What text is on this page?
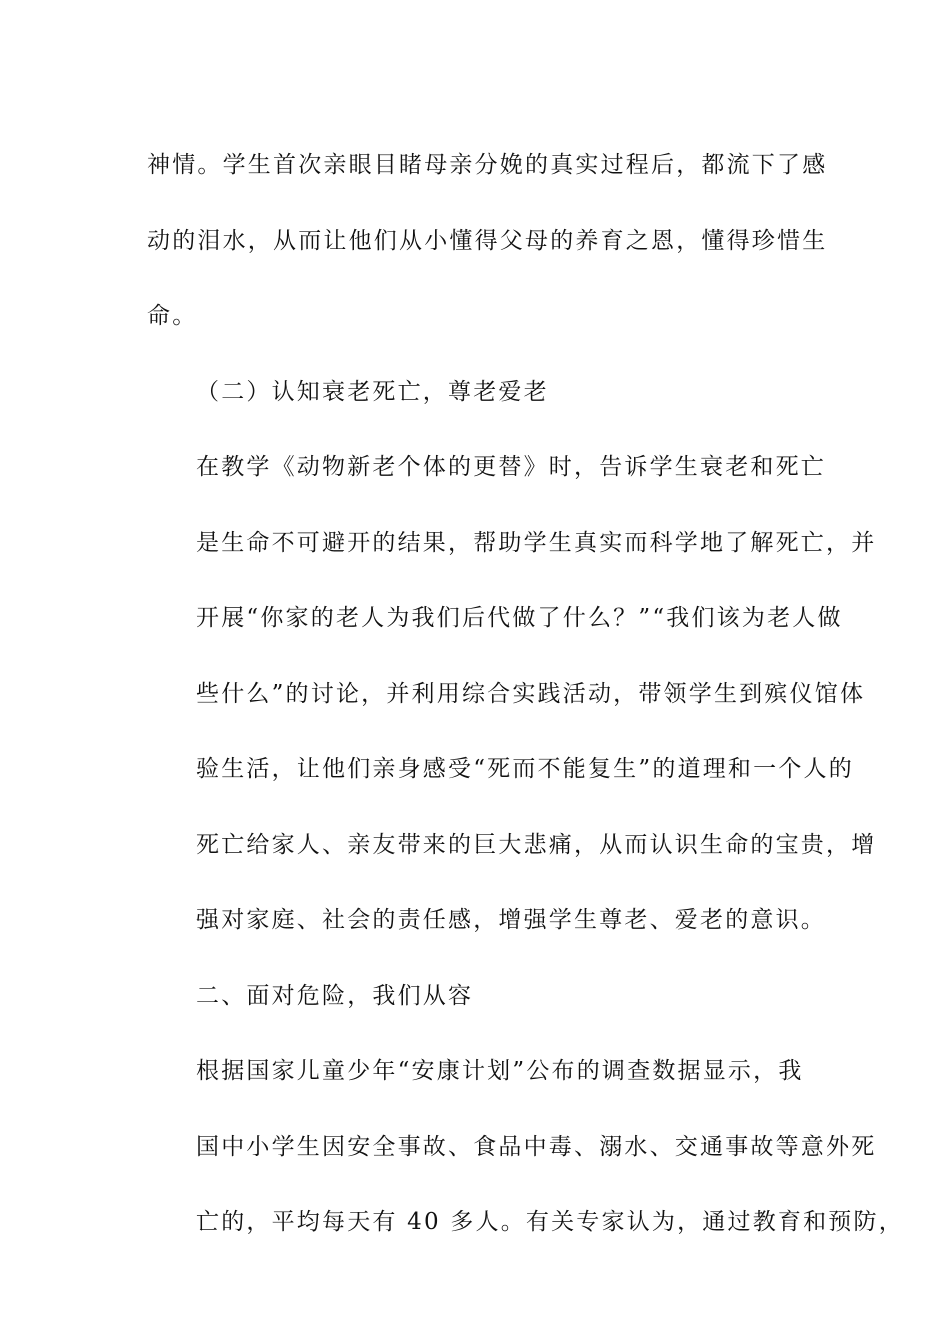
神情。学生首次亲眼目睹母亲分娩的真实过程后，都流下了感
动的泪水，从而让他们从小懂得父母的养育之恩，懂得珍惜生
命。

（二）认知衰老死亡，尊老爱老

在教学《动物新老个体的更替》时，告诉学生衰老和死亡
是生命不可避开的结果，帮助学生真实而科学地了解死亡，并
开展“你家的老人为我们后代做了什么？”“我们该为老人做
些什么”的讨论，并利用综合实践活动，带领学生到殡仪馆体
验生活，让他们亲身感受“死而不能复生”的道理和一个人的
死亡给家人、亲友带来的巨大悲痛，从而认识生命的宝贵，增
强对家庭、社会的责任感，增强学生尊老、爱老的意识。

二、面对危险，我们从容

根据国家儿童少年“安康计划”公布的调查数据显示，我
国中小学生因安全事故、食品中毒、溺水、交通事故等意外死
亡的，平均每天有 40 多人。有关专家认为，通过教育和预防，
